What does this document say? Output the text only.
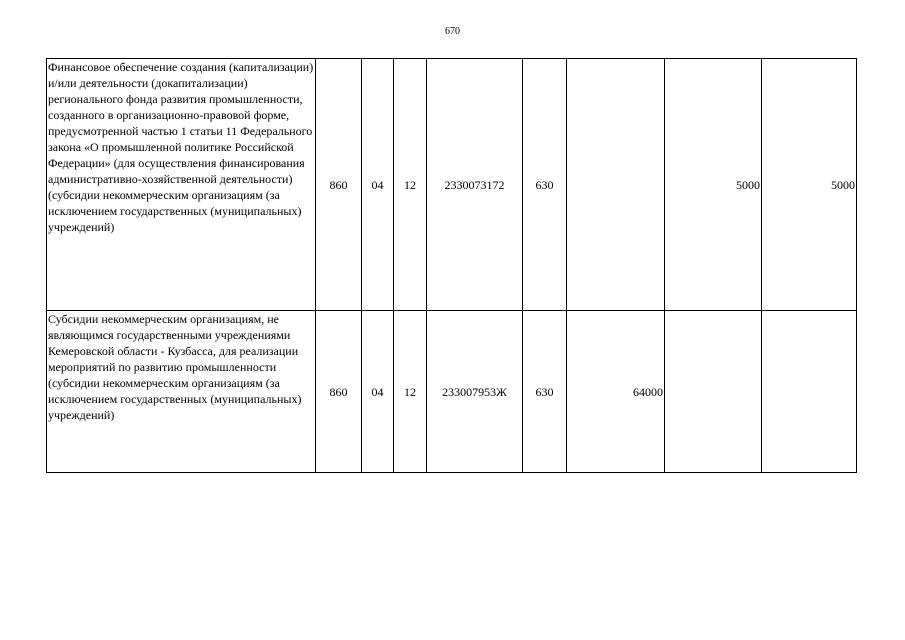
670
Финансовое обеспечение создания (капитализации) и/или деятельности (докапитализации) регионального фонда развития промышленности, созданного в организационно-правовой форме, предусмотренной частью 1 статьи 11 Федерального закона «О промышленной политике Российской Федерации» (для осуществления финансирования административно-хозяйственной деятельности) (субсидии некоммерческим организациям (за исключением государственных (муниципальных) учреждений)	860	04	12	2330073172	630		5000	5000
Субсидии некоммерческим организациям, не являющимся государственными учреждениями Кемеровской области - Кузбасса, для реализации мероприятий по развитию промышленности (субсидии некоммерческим организациям (за исключением государственных (муниципальных) учреждений)	860	04	12	233007953Ж	630	64000		
